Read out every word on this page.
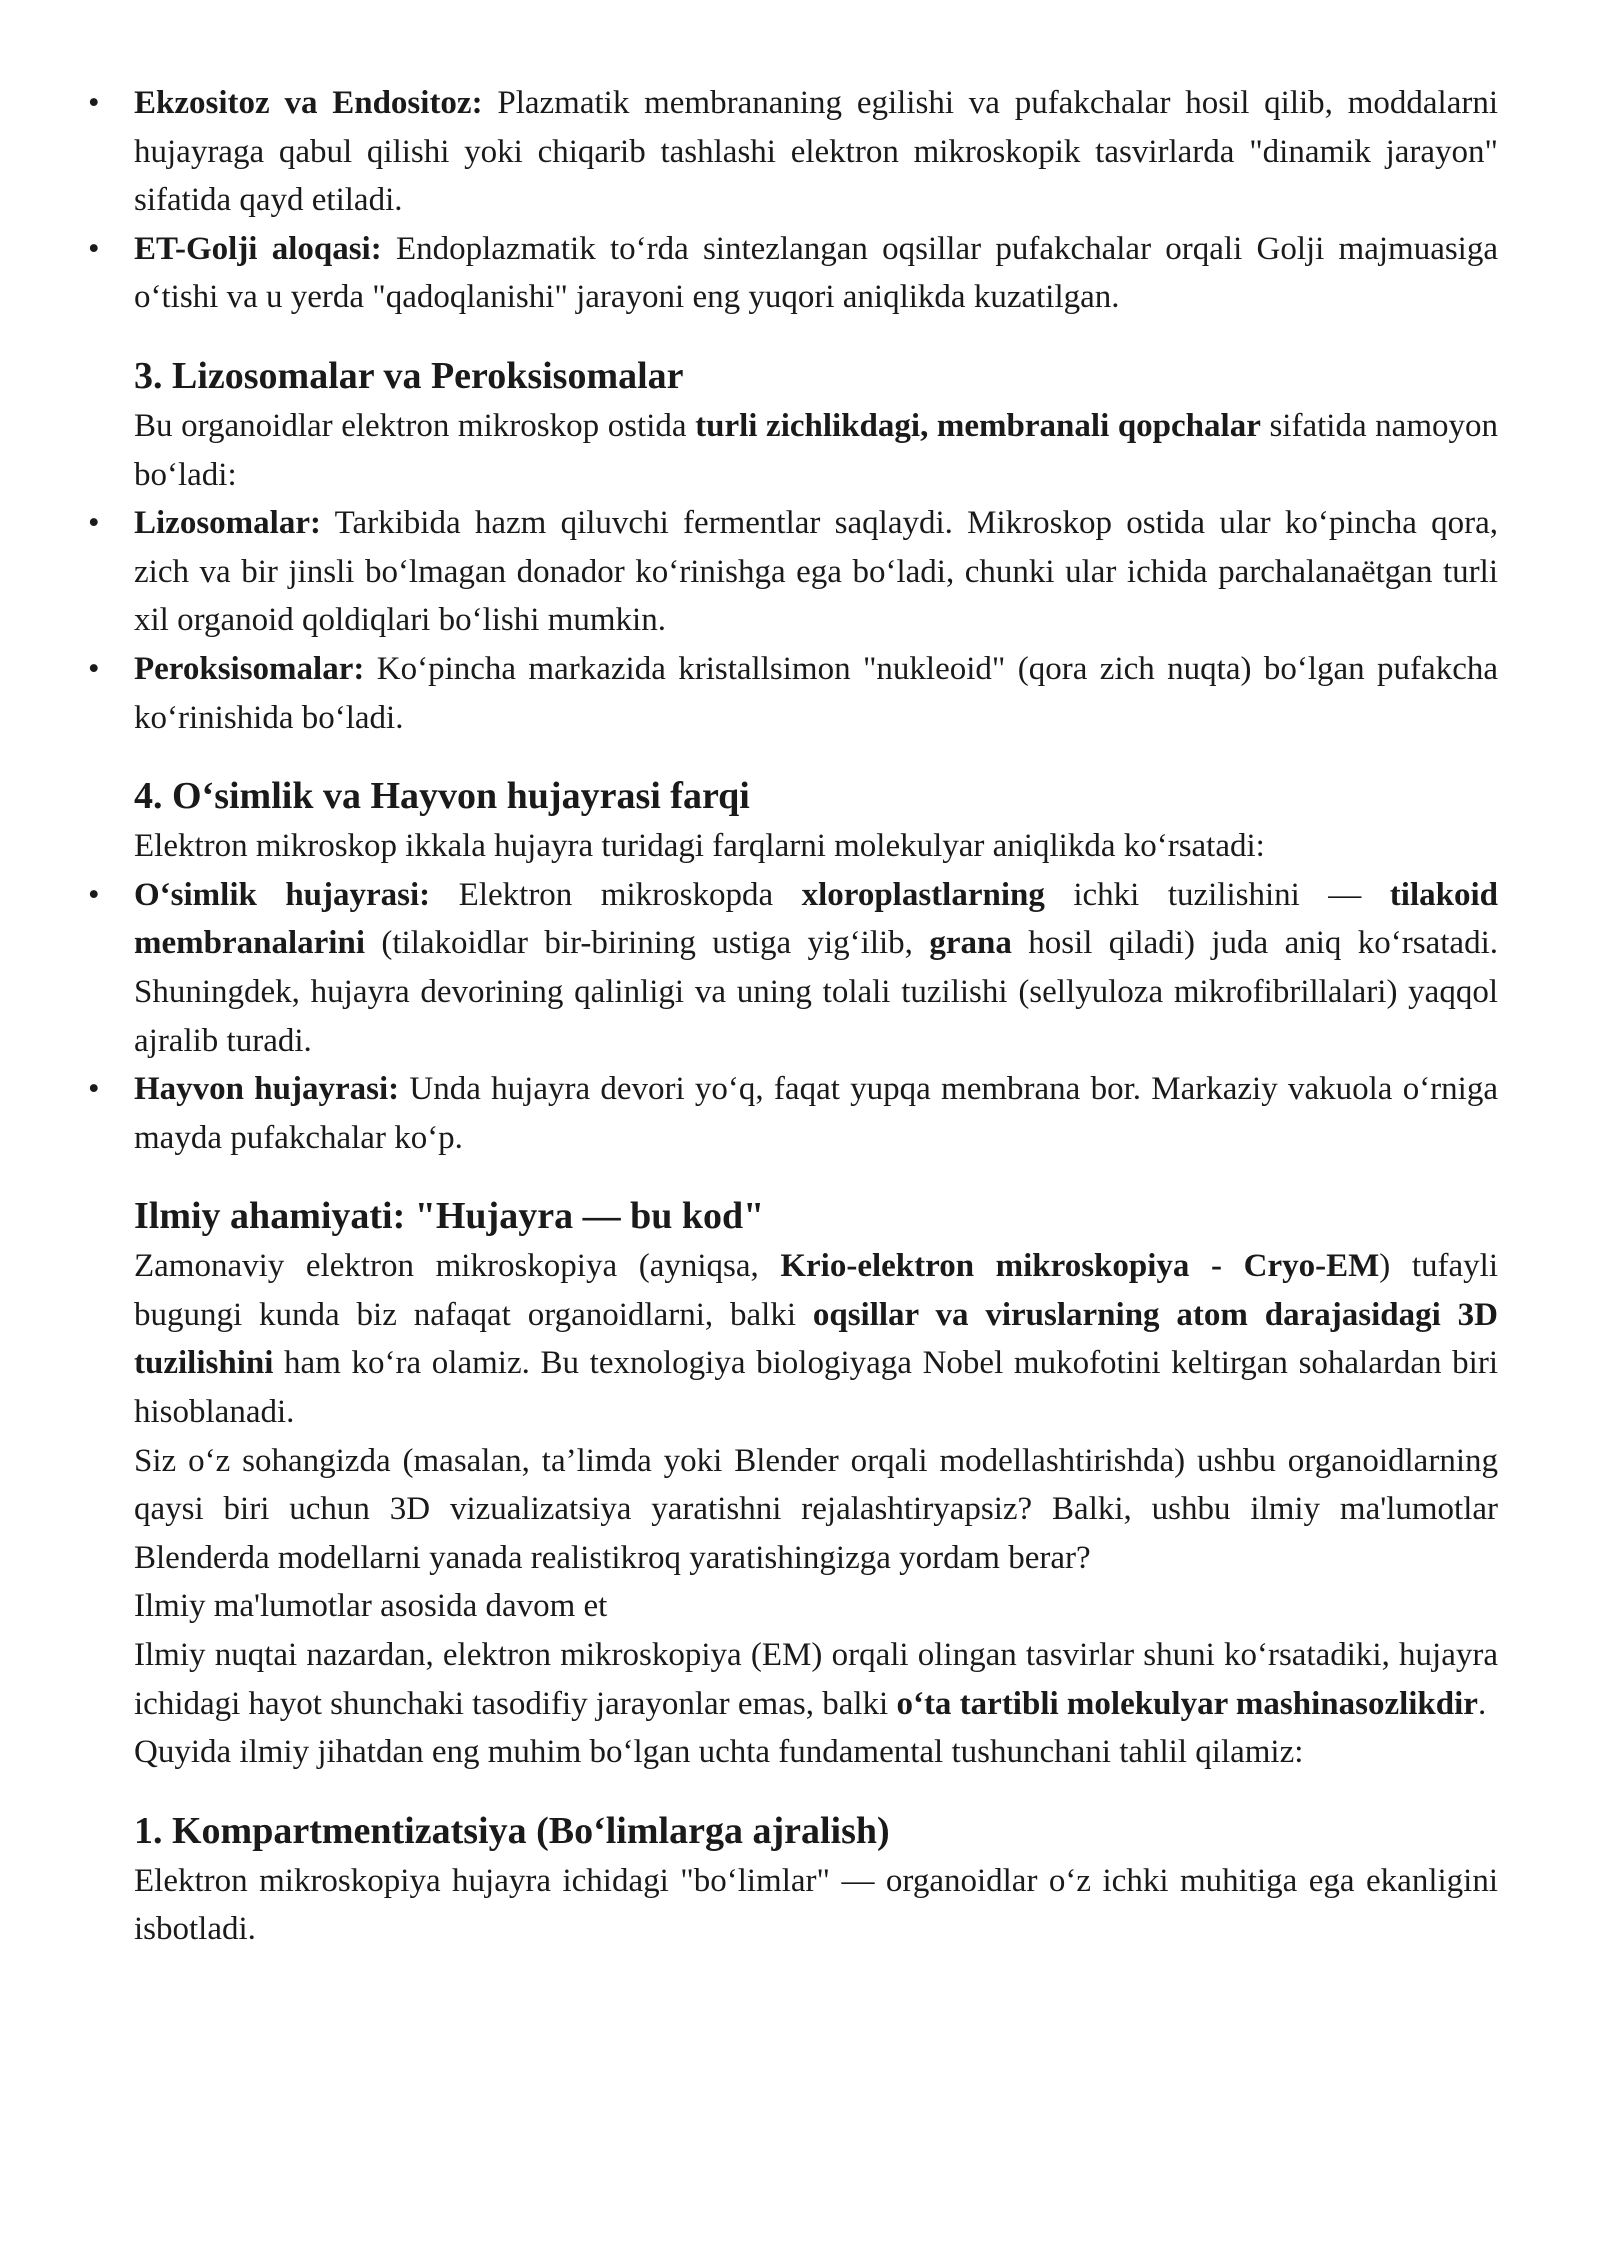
• Ekzositoz va Endositoz: Plazmatik membrananing egilishi va pufakchalar hosil qilib, moddalarni hujayraga qabul qilishi yoki chiqarib tashlashi elektron mikroskopik tasvirlarda "dinamik jarayon" sifatida qayd etiladi.

• ET-Golji aloqasi: Endoplazmatik to‘rda sintezlangan oqsillar pufakchalar orqali Golji majmuasiga o‘tishi va u yerda "qadoqlanishi" jarayoni eng yuqori aniqlikda kuzatilgan.

3. Lizosomalar va Peroksisomalar

Bu organoidlar elektron mikroskop ostida turli zichlikdagi, membranali qopchalar sifatida namoyon bo‘ladi:

• Lizosomalar: Tarkibida hazm qiluvchi fermentlar saqlaydi. Mikroskop ostida ular ko‘pincha qora, zich va bir jinsli bo‘lmagan donador ko‘rinishga ega bo‘ladi, chunki ular ichida parchalanaёtgan turli xil organoid qoldiqlari bo‘lishi mumkin.

• Peroksisomalar: Ko‘pincha markazida kristallsimon "nukleoid" (qora zich nuqta) bo‘lgan pufakcha ko‘rinishida bo‘ladi.

4. O‘simlik va Hayvon hujayrasi farqi

Elektron mikroskop ikkala hujayra turidagi farqlarni molekulyar aniqlikda ko‘rsatadi:

• O‘simlik hujayrasi: Elektron mikroskopda xloroplastlarning ichki tuzilishini — tilakoid membranalarini (tilakoidlar bir-birining ustiga yig‘ilib, grana hosil qiladi) juda aniq ko‘rsatadi. Shuningdek, hujayra devorining qalinligi va uning tolali tuzilishi (sellyuloza mikrofibrillalari) yaqqol ajralib turadi.

• Hayvon hujayrasi: Unda hujayra devori yo‘q, faqat yupqa membrana bor. Markaziy vakuola o‘rniga mayda pufakchalar ko‘p.

Ilmiy ahamiyati: "Hujayra — bu kod"

Zamonaviy elektron mikroskopiya (ayniqsa, Krio-elektron mikroskopiya - Cryo-EM) tufayli bugungi kunda biz nafaqat organoidlarni, balki oqsillar va viruslarning atom darajasidagi 3D tuzilishini ham ko‘ra olamiz. Bu texnologiya biologiyaga Nobel mukofotini keltirgan sohalardan biri hisoblanadi.

Siz o‘z sohangizda (masalan, ta’limda yoki Blender orqali modellashtirishda) ushbu organoidlarning qaysi biri uchun 3D vizualizatsiya yaratishni rejalashtiryapsiz? Balki, ushbu ilmiy ma'lumotlar Blenderda modellarni yanada realistikroq yaratishingizga yordam berar?

Ilmiy ma'lumotlar asosida davom et

Ilmiy nuqtai nazardan, elektron mikroskopiya (EM) orqali olingan tasvirlar shuni ko‘rsatadiki, hujayra ichidagi hayot shunchaki tasodifiy jarayonlar emas, balki o‘ta tartibli molekulyar mashinasozlikdir.

Quyida ilmiy jihatdan eng muhim bo‘lgan uchta fundamental tushunchani tahlil qilamiz:

1. Kompartmentizatsiya (Bo‘limlarga ajralish)

Elektron mikroskopiya hujayra ichidagi "bo‘limlar" — organoidlar o‘z ichki muhitiga ega ekanligini isbotladi.
